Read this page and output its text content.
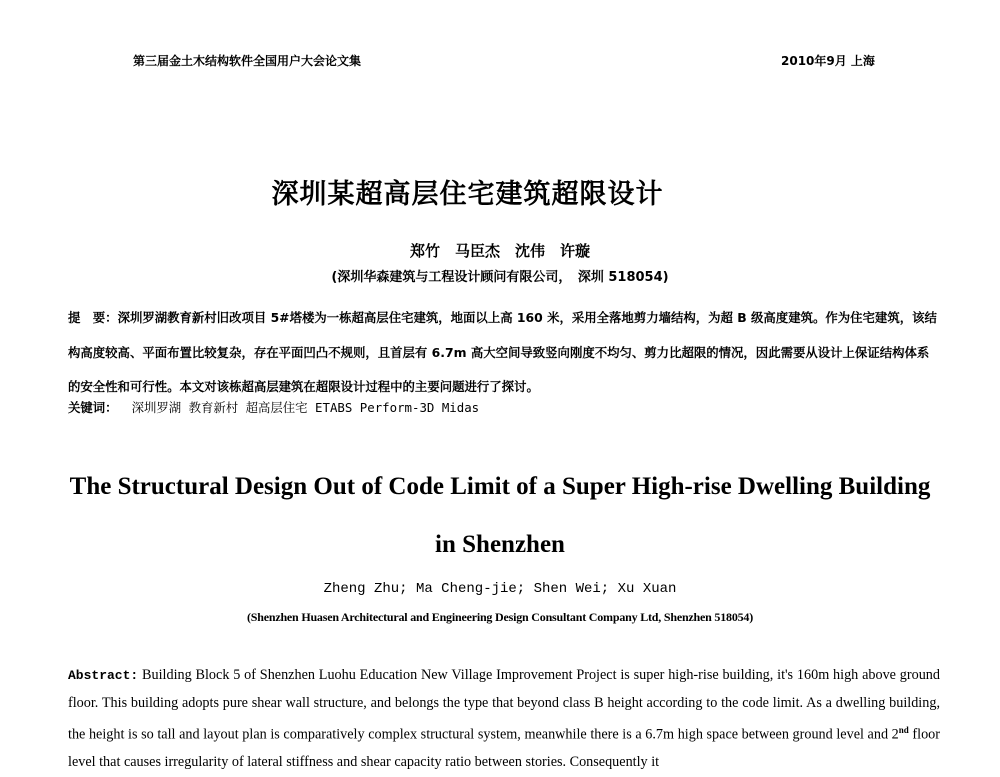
第三届金土木结构软件全国用户大会论文集	2010年9月 上海
深圳某超高层住宅建筑超限设计
郑竹　马臣杰　沈伟　许璇
(深圳华森建筑与工程设计顾问有限公司，　深圳 518054)
提　要：深圳罗湖教育新村旧改项目 5#塔楼为一栋超高层住宅建筑，地面以上高 160 米，采用全落地剪力墙结构，为超 B 级高度建筑。作为住宅建筑，该结构高度较高、平面布置比较复杂，存在平面凹凸不规则，且首层有 6.7m 高大空间导致竖向刚度不均匀、剪力比超限的情况，因此需要从设计上保证结构体系的安全性和可行性。本文对该栋超高层建筑在超限设计过程中的主要问题进行了探讨。
关键词： 深圳罗湖 教育新村 超高层住宅 ETABS Perform-3D Midas
The Structural Design Out of Code Limit of a Super High-rise Dwelling Building
in Shenzhen
Zheng Zhu; Ma Cheng-jie; Shen Wei; Xu Xuan
(Shenzhen Huasen Architectural and Engineering Design Consultant Company Ltd, Shenzhen 518054)
Abstract: Building Block 5 of Shenzhen Luohu Education New Village Improvement Project is super high-rise building, it's 160m high above ground floor. This building adopts pure shear wall structure, and belongs the type that beyond class B height according to the code limit. As a dwelling building, the height is so tall and layout plan is comparatively complex structural system, meanwhile there is a 6.7m high space between ground level and 2nd floor level that causes irregularity of lateral stiffness and shear capacity ratio between stories. Consequently it
